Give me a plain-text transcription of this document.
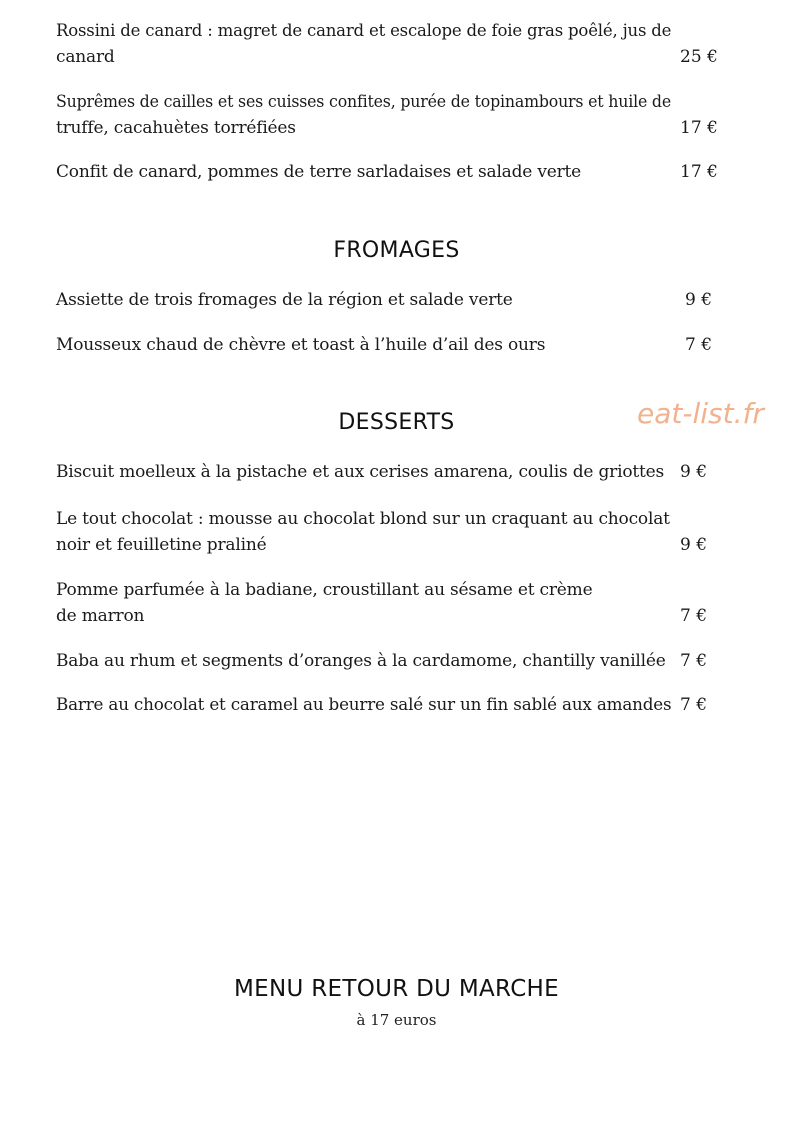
Rossini de canard : magret de canard et escalope de foie gras poêlé, jus de
canard	25 €
Suprêmes de cailles et ses cuisses confites, purée de topinambours et huile de
truffe, cacahuètes torréfiées	17 €
Confit de canard, pommes de terre sarladaises et salade verte	17 €
FROMAGES
Assiette de trois fromages de la région et salade verte	9 €
Mousseux chaud de chèvre et toast à l’huile d’ail des ours	7 €
DESSERTS	eat-list.fr
Biscuit moelleux à la pistache et aux cerises amarena, coulis de griottes 9 €
Le tout chocolat : mousse au chocolat blond sur un craquant au chocolat
noir et feuilletine praliné	9 €
Pomme parfumée à la badiane, croustillant au sésame et crème
de marron	7 €
Baba au rhum et segments d’oranges à la cardamome, chantilly vanillée 7 €
Barre au chocolat et caramel au beurre salé sur un fin sablé aux amandes 7 €
MENU RETOUR DU MARCHE
à 17 euros
